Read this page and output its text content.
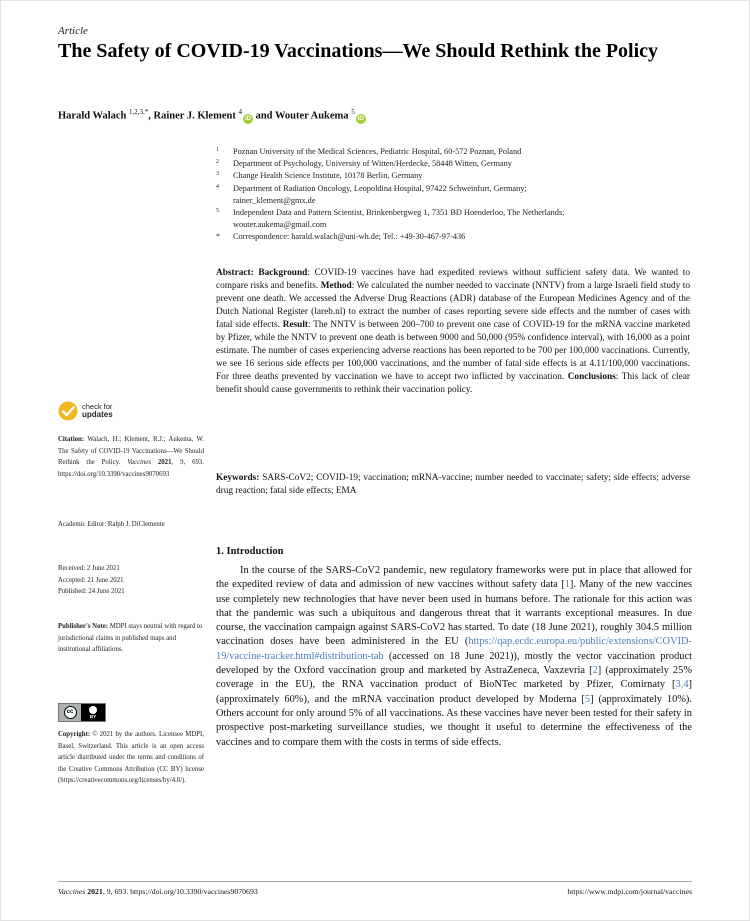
Article
The Safety of COVID-19 Vaccinations—We Should Rethink the Policy
Harald Walach $^{1,2,3,*}$, Rainer J. Klement $^4$iD and Wouter Aukema $^5$iD
1 Poznan University of the Medical Sciences, Pediatric Hospital, 60-572 Poznan, Poland
2 Department of Psychology, University of Witten/Herdecke, 58448 Witten, Germany
3 Change Health Science Institute, 10178 Berlin, Germany
4 Department of Radiation Oncology, Leopoldina Hospital, 97422 Schweinfurt, Germany;
rainer_klement@gmx.de
5 Independent Data and Pattern Scientist, Brinkenbergweg 1, 7351 BD Hoenderloo, The Netherlands;
wouter.aukema@gmail.com
* Correspondence: harald.walach@uni-wh.de; Tel.: +49-30-467-97-436
Abstract: Background: COVID-19 vaccines have had expedited reviews without sufficient safety data. We wanted to compare risks and benefits. Method: We calculated the number needed to vaccinate (NNTV) from a large Israeli field study to prevent one death. We accessed the Adverse Drug Reactions (ADR) database of the European Medicines Agency and of the Dutch National Register (lareb.nl) to extract the number of cases reporting severe side effects and the number of cases with fatal side effects. Result: The NNTV is between 200–700 to prevent one case of COVID-19 for the mRNA vaccine marketed by Pfizer, while the NNTV to prevent one death is between 9000 and 50,000 (95% confidence interval), with 16,000 as a point estimate. The number of cases experiencing adverse reactions has been reported to be 700 per 100,000 vaccinations. Currently, we see 16 serious side effects per 100,000 vaccinations, and the number of fatal side effects is at 4.11/100,000 vaccinations. For three deaths prevented by vaccination we have to accept two inflicted by vaccination. Conclusions: This lack of clear benefit should cause governments to rethink their vaccination policy.
Keywords: SARS-CoV2; COVID-19; vaccination; mRNA-vaccine; number needed to vaccinate; safety; side effects; adverse drug reaction; fatal side effects; EMA
check for
updates
Citation: Walach, H.; Klement, R.J.; Aukema, W. The Safety of COVID-19 Vaccinations—We Should Rethink the Policy. Vaccines 2021, 9, 693. https://doi.org/10.3390/vaccines9070693
Academic Editor: Ralph J. DiClemente
Received: 2 June 2021
Accepted: 21 June 2021
Published: 24 June 2021
Publisher's Note: MDPI stays neutral with regard to jurisdictional claims in published maps and institutional affiliations.
cc
BY
Copyright: © 2021 by the authors. Licensee MDPI, Basel, Switzerland. This article is an open access article distributed under the terms and conditions of the Creative Commons Attribution (CC BY) license (https://creativecommons.org/licenses/by/4.0/).
1. Introduction
In the course of the SARS-CoV2 pandemic, new regulatory frameworks were put in place that allowed for the expedited review of data and admission of new vaccines without safety data [1]. Many of the new vaccines use completely new technologies that have never been used in humans before. The rationale for this action was that the pandemic was such a ubiquitous and dangerous threat that it warrants exceptional measures. In due course, the vaccination campaign against SARS-CoV2 has started. To date (18 June 2021), roughly 304.5 million vaccination doses have been administered in the EU (https://qap.ecdc.europa.eu/public/extensions/COVID-19/vaccine-tracker.html#distribution-tab (accessed on 18 June 2021)), mostly the vector vaccination product developed by the Oxford vaccination group and marketed by AstraZeneca, Vaxzevria [2] (approximately 25% coverage in the EU), the RNA vaccination product of BioNTec marketed by Pfizer, Comirnaty [3,4] (approximately 60%), and the mRNA vaccination product developed by Moderna [5] (approximately 10%). Others account for only around 5% of all vaccinations. As these vaccines have never been tested for their safety in prospective post-marketing surveillance studies, we thought it useful to determine the effectiveness of the vaccines and to compare them with the costs in terms of side effects.
Vaccines 2021, 9, 693. https://doi.org/10.3390/vaccines9070693	https://www.mdpi.com/journal/vaccines
